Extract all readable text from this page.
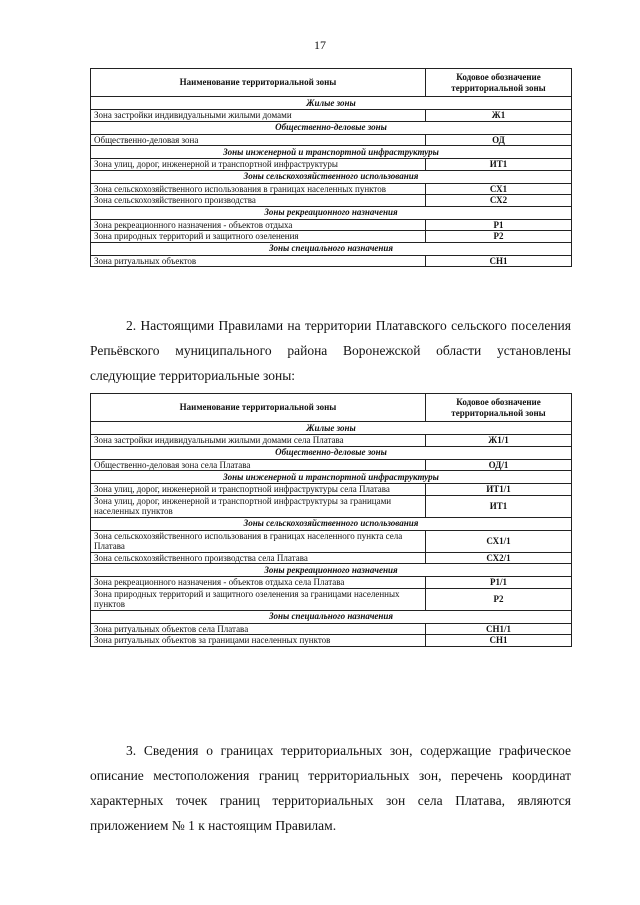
17
Наименование территориальной зоны	Кодовое обозначение территориальной зоны
Жилые зоны	
Зона застройки индивидуальными жилыми домами	Ж1
Общественно-деловые зоны	
Общественно-деловая зона	ОД
Зоны инженерной и транспортной инфраструктуры	
Зона улиц, дорог, инженерной и транспортной инфраструктуры	ИТ1
Зоны сельскохозяйственного использования	
Зона сельскохозяйственного использования в границах населенных пунктов	СХ1
Зона сельскохозяйственного производства	СХ2
Зоны рекреационного назначения	
Зона рекреационного назначения - объектов отдыха	Р1
Зона природных территорий и защитного озеленения	Р2
Зоны специального назначения	
Зона ритуальных объектов	СН1

2. Настоящими Правилами на территории Платавского сельского поселения Репьёвского муниципального района Воронежской области установлены следующие территориальные зоны:

Наименование территориальной зоны	Кодовое обозначение территориальной зоны
Жилые зоны	
Зона застройки индивидуальными жилыми домами села Платава	Ж1/1
Общественно-деловые зоны	
Общественно-деловая зона села Платава	ОД/1
Зоны инженерной и транспортной инфраструктуры	
Зона улиц, дорог, инженерной и транспортной инфраструктуры села Платава	ИТ1/1
Зона улиц, дорог, инженерной и транспортной инфраструктуры за границами населенных пунктов	ИТ1
Зоны сельскохозяйственного использования	
Зона сельскохозяйственного использования в границах населенного пункта села Платава	СХ1/1
Зона сельскохозяйственного производства села Платава	СХ2/1
Зоны рекреационного назначения	
Зона рекреационного назначения - объектов отдыха села Платава	Р1/1
Зона природных территорий и защитного озеленения за границами населенных пунктов	Р2
Зоны специального назначения	
Зона ритуальных объектов села Платава	СН1/1
Зона ритуальных объектов за границами населенных пунктов	СН1

3. Сведения о границах территориальных зон, содержащие графическое описание местоположения границ территориальных зон, перечень координат характерных точек границ территориальных зон села Платава, являются приложением № 1 к настоящим Правилам.
